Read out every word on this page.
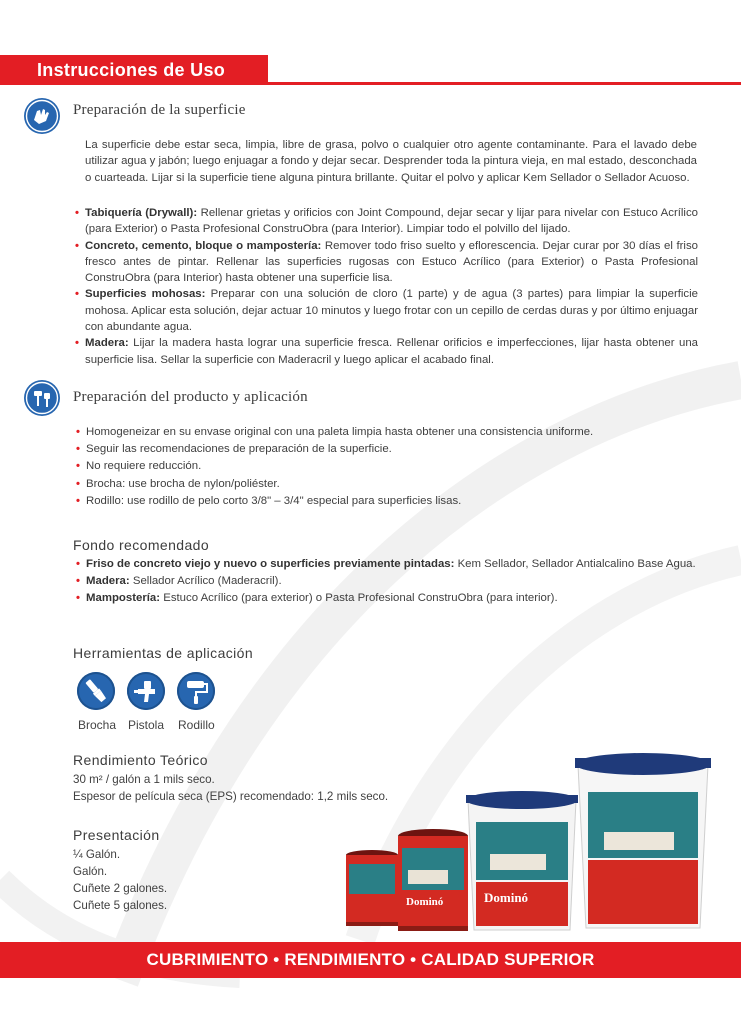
Instrucciones de Uso
Preparación de la superficie

La superficie debe estar seca, limpia, libre de grasa, polvo o cualquier otro agente contaminante. Para el lavado debe utilizar agua y jabón; luego enjuagar a fondo y dejar secar. Desprender toda la pintura vieja, en mal estado, desconchada o cuarteada. Lijar si la superficie tiene alguna pintura brillante. Quitar el polvo y aplicar Kem Sellador o Sellador Acuoso.

• Tabiquería (Drywall): Rellenar grietas y orificios con Joint Compound, dejar secar y lijar para nivelar con Estuco Acrílico (para Exterior) o Pasta Profesional ConstruObra (para Interior). Limpiar todo el polvillo del lijado.
• Concreto, cemento, bloque o mampostería: Remover todo friso suelto y eflorescencia. Dejar curar por 30 días el friso fresco antes de pintar. Rellenar las superficies rugosas con Estuco Acrílico (para Exterior) o Pasta Profesional ConstruObra (para Interior) hasta obtener una superficie lisa.
• Superficies mohosas: Preparar con una solución de cloro (1 parte) y de agua (3 partes) para limpiar la superficie mohosa. Aplicar esta solución, dejar actuar 10 minutos y luego frotar con un cepillo de cerdas duras y por último enjuagar con abundante agua.
• Madera: Lijar la madera hasta lograr una superficie fresca. Rellenar orificios e imperfecciones, lijar hasta obtener una superficie lisa. Sellar la superficie con Maderacril y luego aplicar el acabado final.
Preparación del producto y aplicación
• Homogeneizar en su envase original con una paleta limpia hasta obtener una consistencia uniforme.
• Seguir las recomendaciones de preparación de la superficie.
• No requiere reducción.
• Brocha: use brocha de nylon/poliéster.
• Rodillo: use rodillo de pelo corto 3/8" – 3/4" especial para superficies lisas.
Fondo recomendado
• Friso de concreto viejo y nuevo o superficies previamente pintadas: Kem Sellador, Sellador Antialcalino Base Agua.
• Madera: Sellador Acrílico (Maderacril).
• Mampostería: Estuco Acrílico (para exterior) o Pasta Profesional ConstruObra (para interior).
Herramientas de aplicación
Brocha Pistola Rodillo
Rendimiento Teórico
30 m² / galón a 1 mils seco.
Espesor de película seca (EPS) recomendado: 1,2 mils seco.
Presentación
¼ Galón.
Galón.
Cuñete 2 galones.
Cuñete 5 galones.	Dominó	Dominó
CUBRIMIENTO • RENDIMIENTO • CALIDAD SUPERIOR
